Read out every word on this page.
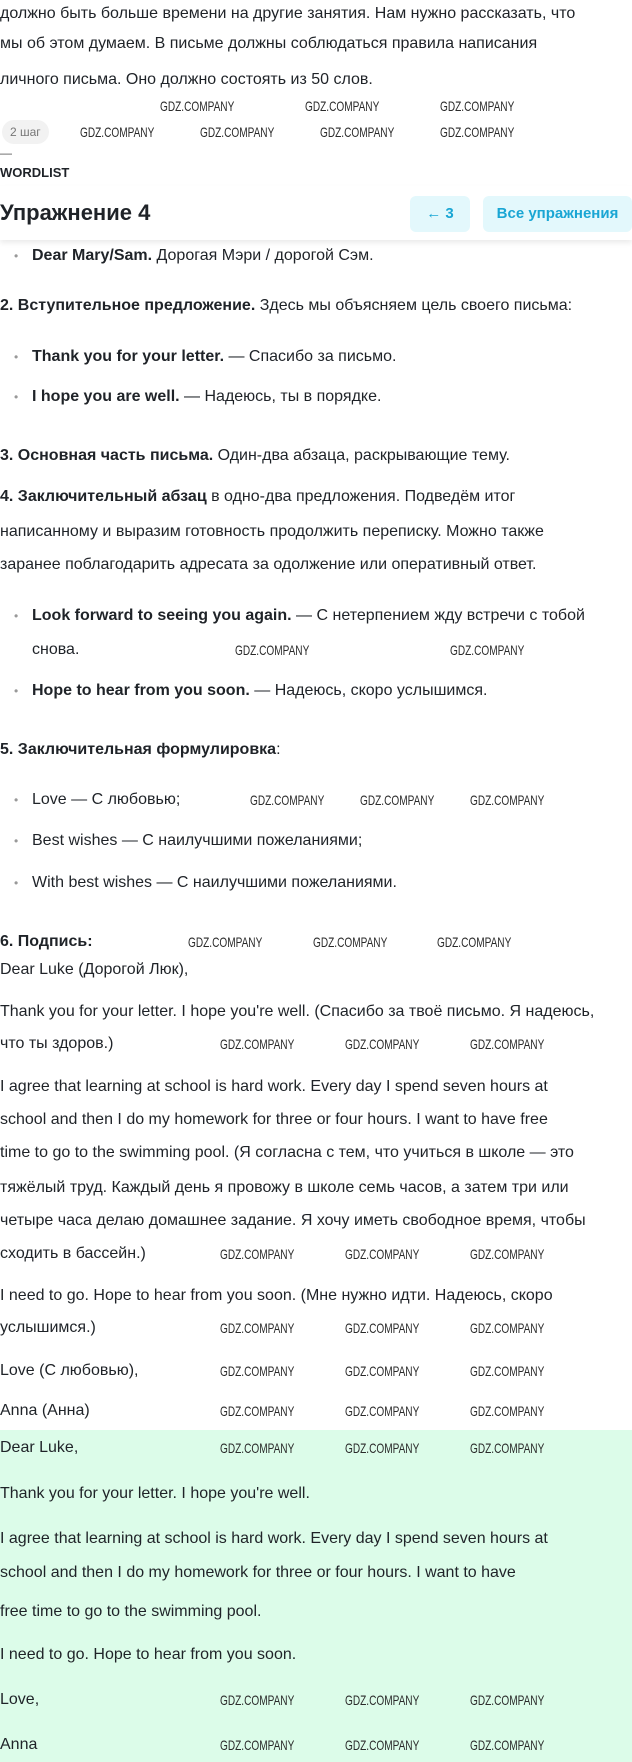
должно быть больше времени на другие занятия. Нам нужно рассказать, что
мы об этом думаем. В письме должны соблюдаться правила написания
личного письма. Оно должно состоять из 50 слов.
2 шаг
—
WORDLIST
Упражнение 4	← 3	Все упражнения
• Dear Mary/Sam. Дорогая Мэри / дорогой Сэм.
2. Вступительное предложение. Здесь мы объясняем цель своего письма:
• Thank you for your letter. — Спасибо за письмо.
• I hope you are well. — Надеюсь, ты в порядке.
3. Основная часть письма. Один-два абзаца, раскрывающие тему.
4. Заключительный абзац в одно-два предложения. Подведём итог
написанному и выразим готовность продолжить переписку. Можно также
заранее поблагодарить адресата за одолжение или оперативный ответ.
• Look forward to seeing you again. — С нетерпением жду встречи с тобой
снова.
• Hope to hear from you soon. — Надеюсь, скоро услышимся.
5. Заключительная формулировка:
• Love — С любовью;
• Best wishes — С наилучшими пожеланиями;
• With best wishes — С наилучшими пожеланиями.
6. Подпись:
Dear Luke (Дорогой Люк),
Thank you for your letter. I hope you're well. (Спасибо за твоё письмо. Я надеюсь,
что ты здоров.)
I agree that learning at school is hard work. Every day I spend seven hours at
school and then I do my homework for three or four hours. I want to have free
time to go to the swimming pool. (Я согласна с тем, что учиться в школе — это
тяжёлый труд. Каждый день я провожу в школе семь часов, а затем три или
четыре часа делаю домашнее задание. Я хочу иметь свободное время, чтобы
сходить в бассейн.)
I need to go. Hope to hear from you soon. (Мне нужно идти. Надеюсь, скоро
услышимся.)
Love (С любовью),
Anna (Анна)
Dear Luke,
Thank you for your letter. I hope you're well.
I agree that learning at school is hard work. Every day I spend seven hours at
school and then I do my homework for three or four hours. I want to have
free time to go to the swimming pool.
I need to go. Hope to hear from you soon.
Love,
Anna
GDZ.COMPANY	GDZ.COMPANY	GDZ.COMPANY
GDZ.COMPANY	GDZ.COMPANY	GDZ.COMPANY	GDZ.COMPANY
GDZ.COMPANY	GDZ.COMPANY
GDZ.COMPANY	GDZ.COMPANY	GDZ.COMPANY
GDZ.COMPANY	GDZ.COMPANY	GDZ.COMPANY
GDZ.COMPANY	GDZ.COMPANY	GDZ.COMPANY
GDZ.COMPANY	GDZ.COMPANY	GDZ.COMPANY
GDZ.COMPANY	GDZ.COMPANY	GDZ.COMPANY
GDZ.COMPANY	GDZ.COMPANY	GDZ.COMPANY
GDZ.COMPANY	GDZ.COMPANY	GDZ.COMPANY
GDZ.COMPANY	GDZ.COMPANY	GDZ.COMPANY
GDZ.COMPANY	GDZ.COMPANY	GDZ.COMPANY
GDZ.COMPANY	GDZ.COMPANY	GDZ.COMPANY
